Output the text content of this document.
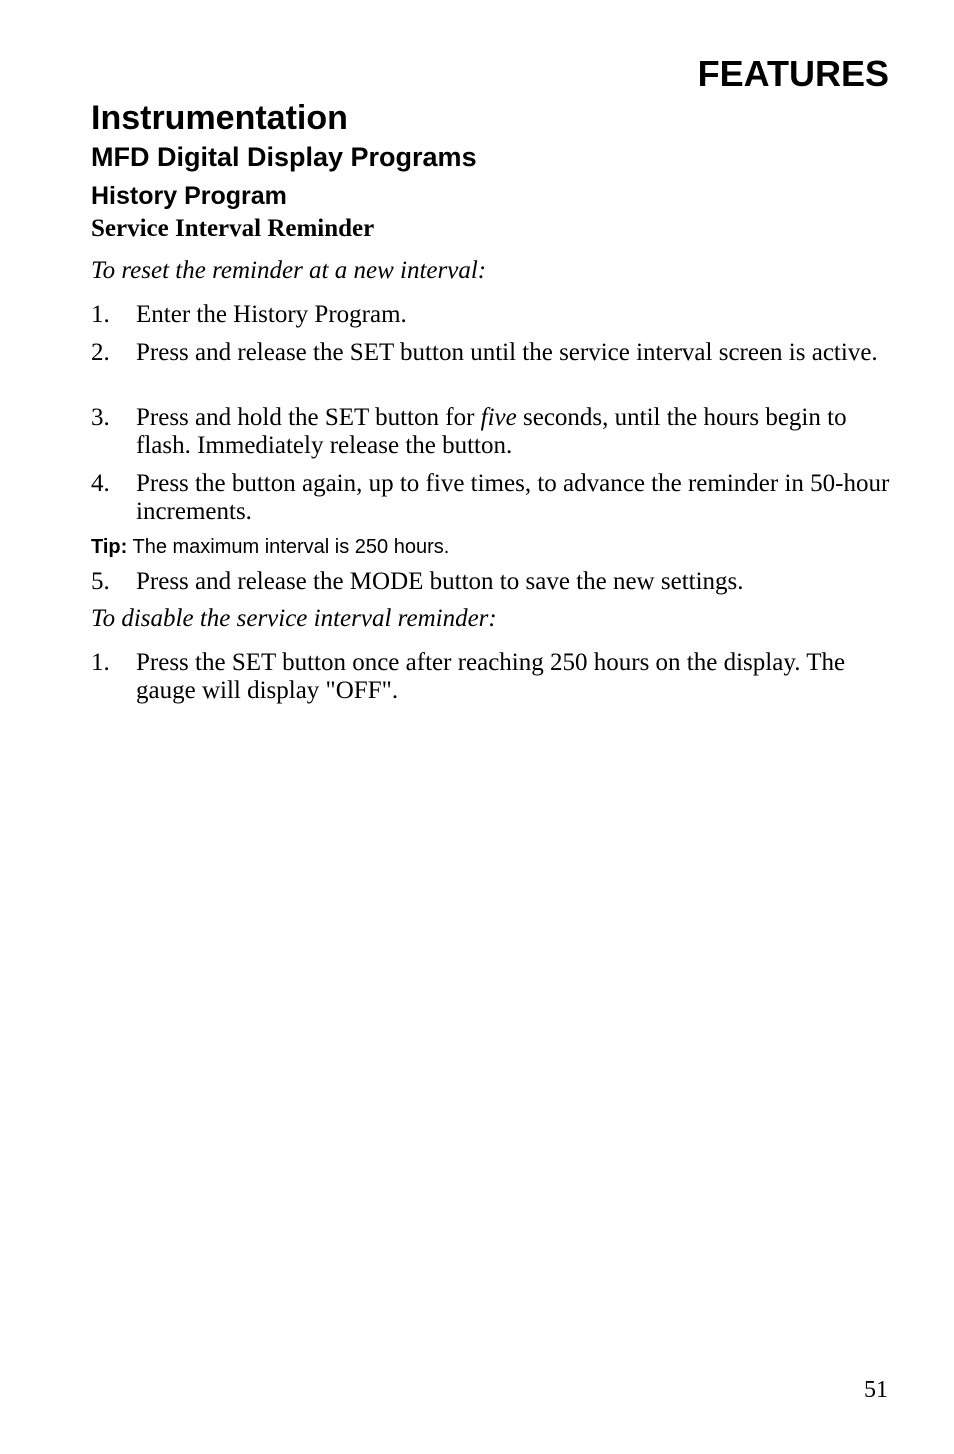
FEATURES
Instrumentation
MFD Digital Display Programs
History Program
Service Interval Reminder

To reset the reminder at a new interval:

1. Enter the History Program.
2. Press and release the SET button until the service interval screen is active.
3. Press and hold the SET button for five seconds, until the hours begin to flash. Immediately release the button.
4. Press the button again, up to five times, to advance the reminder in 50-hour increments.
Tip: The maximum interval is 250 hours.
5. Press and release the MODE button to save the new settings.

To disable the service interval reminder:

1. Press the SET button once after reaching 250 hours on the display. The gauge will display "OFF".
51
